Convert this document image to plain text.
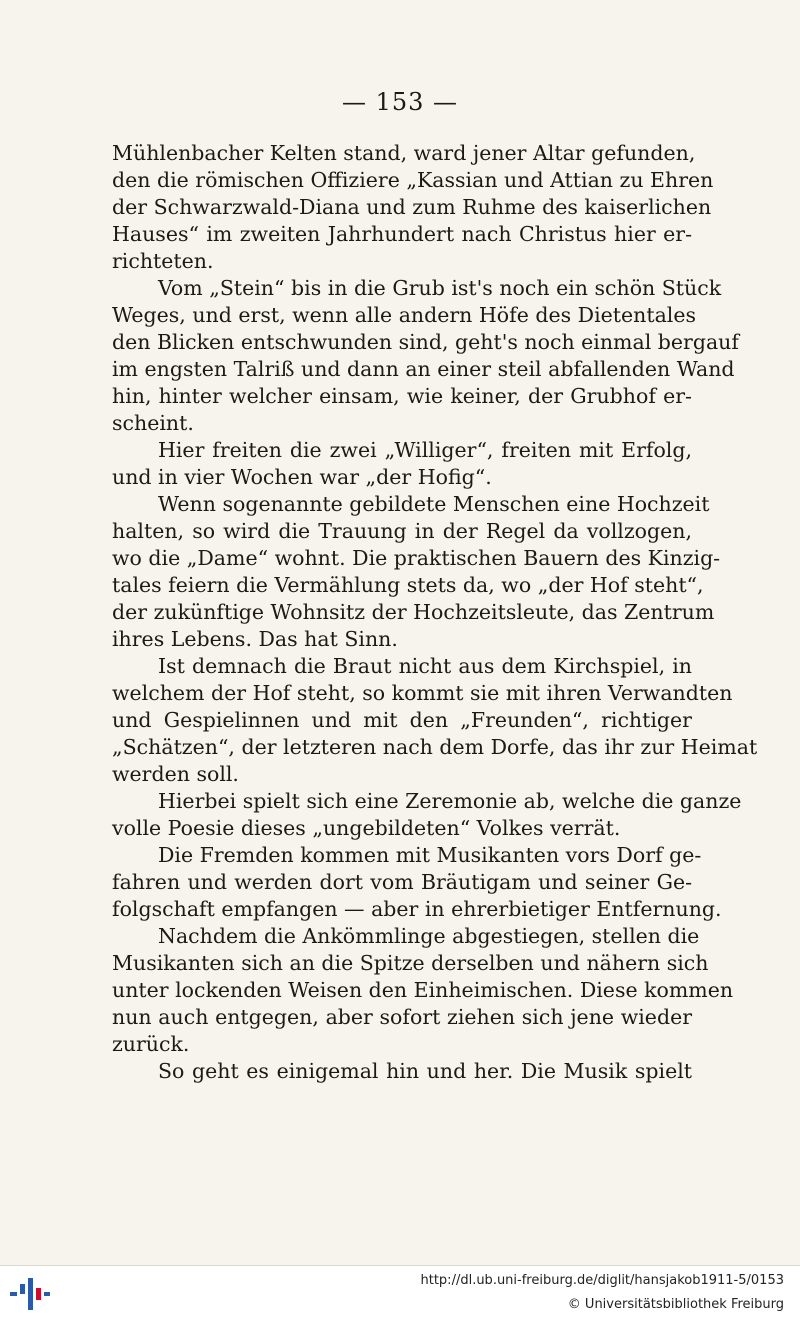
— 153 —
Mühlenbacher Kelten stand, ward jener Altar gefunden,
den die römischen Offiziere „Kassian und Attian zu Ehren
der Schwarzwald-Diana und zum Ruhme des kaiserlichen
Hauses“ im zweiten Jahrhundert nach Christus hier er-
richteten.
Vom „Stein“ bis in die Grub ist's noch ein schön Stück
Weges, und erst, wenn alle andern Höfe des Dietentales
den Blicken entschwunden sind, geht's noch einmal bergauf
im engsten Talriß und dann an einer steil abfallenden Wand
hin, hinter welcher einsam, wie keiner, der Grubhof er-
scheint.
Hier freiten die zwei „Williger“, freiten mit Erfolg,
und in vier Wochen war „der Hofig“.
Wenn sogenannte gebildete Menschen eine Hochzeit
halten, so wird die Trauung in der Regel da vollzogen,
wo die „Dame“ wohnt. Die praktischen Bauern des Kinzig-
tales feiern die Vermählung stets da, wo „der Hof steht“,
der zukünftige Wohnsitz der Hochzeitsleute, das Zentrum
ihres Lebens. Das hat Sinn.
Ist demnach die Braut nicht aus dem Kirchspiel, in
welchem der Hof steht, so kommt sie mit ihren Verwandten
und Gespielinnen und mit den „Freunden“, richtiger
„Schätzen“, der letzteren nach dem Dorfe, das ihr zur Heimat
werden soll.
Hierbei spielt sich eine Zeremonie ab, welche die ganze
volle Poesie dieses „ungebildeten“ Volkes verrät.
Die Fremden kommen mit Musikanten vors Dorf ge-
fahren und werden dort vom Bräutigam und seiner Ge-
folgschaft empfangen — aber in ehrerbietiger Entfernung.
Nachdem die Ankömmlinge abgestiegen, stellen die
Musikanten sich an die Spitze derselben und nähern sich
unter lockenden Weisen den Einheimischen. Diese kommen
nun auch entgegen, aber sofort ziehen sich jene wieder
zurück.
So geht es einigemal hin und her. Die Musik spielt
http://dl.ub.uni-freiburg.de/diglit/hansjakob1911-5/0153
© Universitätsbibliothek Freiburg
